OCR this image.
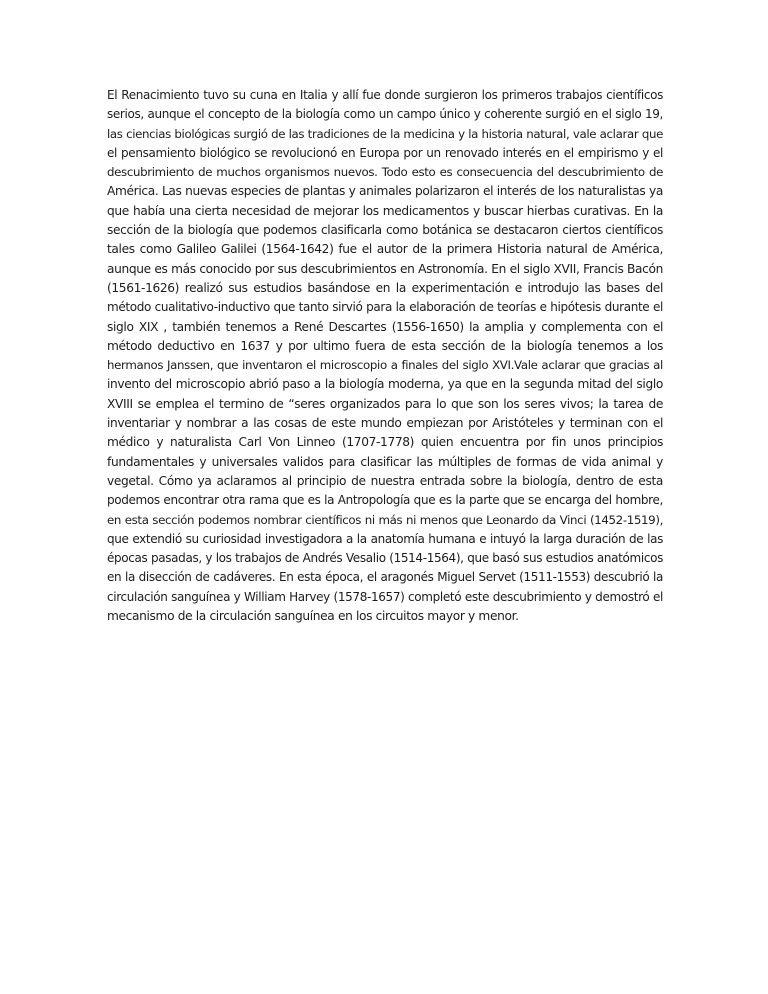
El Renacimiento tuvo su cuna en Italia y allí fue donde surgieron los primeros trabajos científicos
serios, aunque el concepto de la biología como un campo único y coherente surgió en el siglo 19,
las ciencias biológicas surgió de las tradiciones de la medicina y la historia natural, vale aclarar que
el pensamiento biológico se revolucionó en Europa por un renovado interés en el empirismo y el
descubrimiento de muchos organismos nuevos. Todo esto es consecuencia del descubrimiento de
América. Las nuevas especies de plantas y animales polarizaron el interés de los naturalistas ya
que había una cierta necesidad de mejorar los medicamentos y buscar hierbas curativas. En la
sección de la biología que podemos clasificarla como botánica se destacaron ciertos científicos
tales como Galileo Galilei (1564-1642) fue el autor de la primera Historia natural de América,
aunque es más conocido por sus descubrimientos en Astronomía. En el siglo XVII, Francis Bacón
(1561-1626) realizó sus estudios basándose en la experimentación e introdujo las bases del
método cualitativo-inductivo que tanto sirvió para la elaboración de teorías e hipótesis durante el
siglo XIX , también tenemos a René Descartes (1556-1650) la amplia y complementa con el
método deductivo en 1637 y por ultimo fuera de esta sección de la biología tenemos a los
hermanos Janssen, que inventaron el microscopio a finales del siglo XVI.Vale aclarar que gracias al
invento del microscopio abrió paso a la biología moderna, ya que en la segunda mitad del siglo
XVIII se emplea el termino de “seres organizados para lo que son los seres vivos; la tarea de
inventariar y nombrar a las cosas de este mundo empiezan por Aristóteles y terminan con el
médico y naturalista Carl Von Linneo (1707-1778) quien encuentra por fin unos principios
fundamentales y universales validos para clasificar las múltiples de formas de vida animal y
vegetal. Cómo ya aclaramos al principio de nuestra entrada sobre la biología, dentro de esta
podemos encontrar otra rama que es la Antropología que es la parte que se encarga del hombre,
en esta sección podemos nombrar científicos ni más ni menos que Leonardo da Vinci (1452-1519),
que extendió su curiosidad investigadora a la anatomía humana e intuyó la larga duración de las
épocas pasadas, y los trabajos de Andrés Vesalio (1514-1564), que basó sus estudios anatómicos
en la disección de cadáveres. En esta época, el aragonés Miguel Servet (1511-1553) descubrió la
circulación sanguínea y William Harvey (1578-1657) completó este descubrimiento y demostró el
mecanismo de la circulación sanguínea en los circuitos mayor y menor.
